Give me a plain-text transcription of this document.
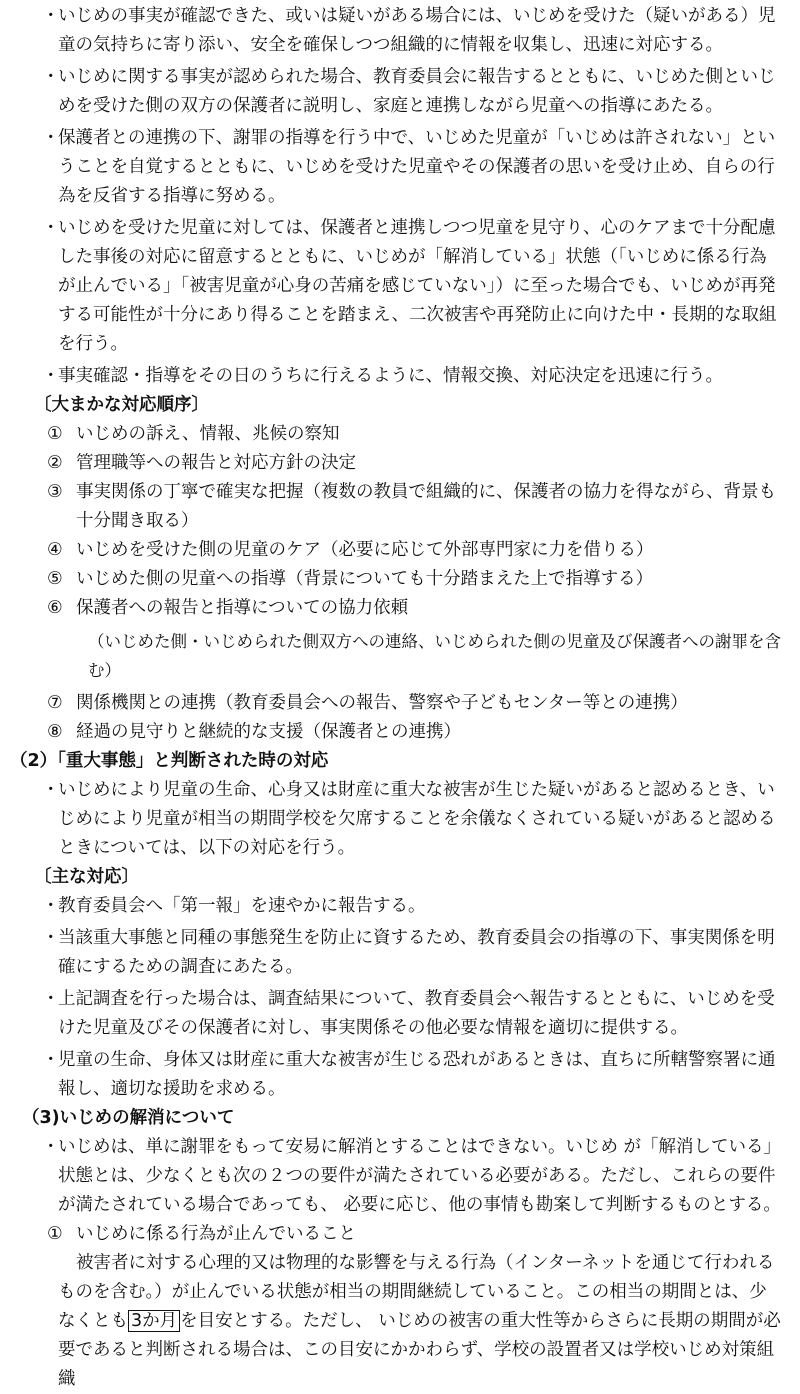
・
いじめの事実が確認できた、或いは疑いがある場合には、いじめを受けた（疑いがある）児童の気持ちに寄り添い、安全を確保しつつ組織的に情報を収集し、迅速に対応する。
・
いじめに関する事実が認められた場合、教育委員会に報告するとともに、いじめた側といじめを受けた側の双方の保護者に説明し、家庭と連携しながら児童への指導にあたる。
・
保護者との連携の下、謝罪の指導を行う中で、いじめた児童が「いじめは許されない」ということを自覚するとともに、いじめを受けた児童やその保護者の思いを受け止め、自らの行為を反省する指導に努める。
・
いじめを受けた児童に対しては、保護者と連携しつつ児童を見守り、心のケアまで十分配慮した事後の対応に留意するとともに、いじめが「解消している」状態（「いじめに係る行為が止んでいる」「被害児童が心身の苦痛を感じていない」）に至った場合でも、いじめが再発する可能性が十分にあり得ることを踏まえ、二次被害や再発防止に向けた中・長期的な取組を行う。
・
事実確認・指導をその日のうちに行えるように、情報交換、対応決定を迅速に行う。
〔大まかな対応順序〕
① いじめの訴え、情報、兆候の察知
② 管理職等への報告と対応方針の決定
③ 事実関係の丁寧で確実な把握（複数の教員で組織的に、保護者の協力を得ながら、背景も十分聞き取る）
④ いじめを受けた側の児童のケア（必要に応じて外部専門家に力を借りる）
⑤ いじめた側の児童への指導（背景についても十分踏まえた上で指導する）
⑥ 保護者への報告と指導についての協力依頼
（いじめた側・いじめられた側双方への連絡、いじめられた側の児童及び保護者への謝罪を含む）
⑦ 関係機関との連携（教育委員会への報告、警察や子どもセンター等との連携）
⑧ 経過の見守りと継続的な支援（保護者との連携）
（2）「重大事態」と判断された時の対応
・
いじめにより児童の生命、心身又は財産に重大な被害が生じた疑いがあると認めるとき、いじめにより児童が相当の期間学校を欠席することを余儀なくされている疑いがあると認めるときについては、以下の対応を行う。
〔主な対応〕
・
教育委員会へ「第一報」を速やかに報告する。
・
当該重大事態と同種の事態発生を防止に資するため、教育委員会の指導の下、事実関係を明確にするための調査にあたる。
・
上記調査を行った場合は、調査結果について、教育委員会へ報告するとともに、いじめを受けた児童及びその保護者に対し、事実関係その他必要な情報を適切に提供する。
・
児童の生命、身体又は財産に重大な被害が生じる恐れがあるときは、直ちに所轄警察署に通報し、適切な援助を求める。
（3)いじめの解消について
・
いじめは、単に謝罪をもって安易に解消とすることはできない。いじめ が「解消している」状態とは、少なくとも次の２つの要件が満たされている必要がある。ただし、これらの要件が満たされている場合であっても、 必要に応じ、他の事情も勘案して判断するものとする。
① いじめに係る行為が止んでいること
被害者に対する心理的又は物理的な影響を与える行為（インターネットを通じて行われるものを含む。）が止んでいる状態が相当の期間継続していること。この相当の期間とは、少なくとも 3か月 を目安とする。ただし、 いじめの被害の重大性等からさらに長期の期間が必要であると判断される場合は、この目安にかかわらず、学校の設置者又は学校いじめ対策組織
